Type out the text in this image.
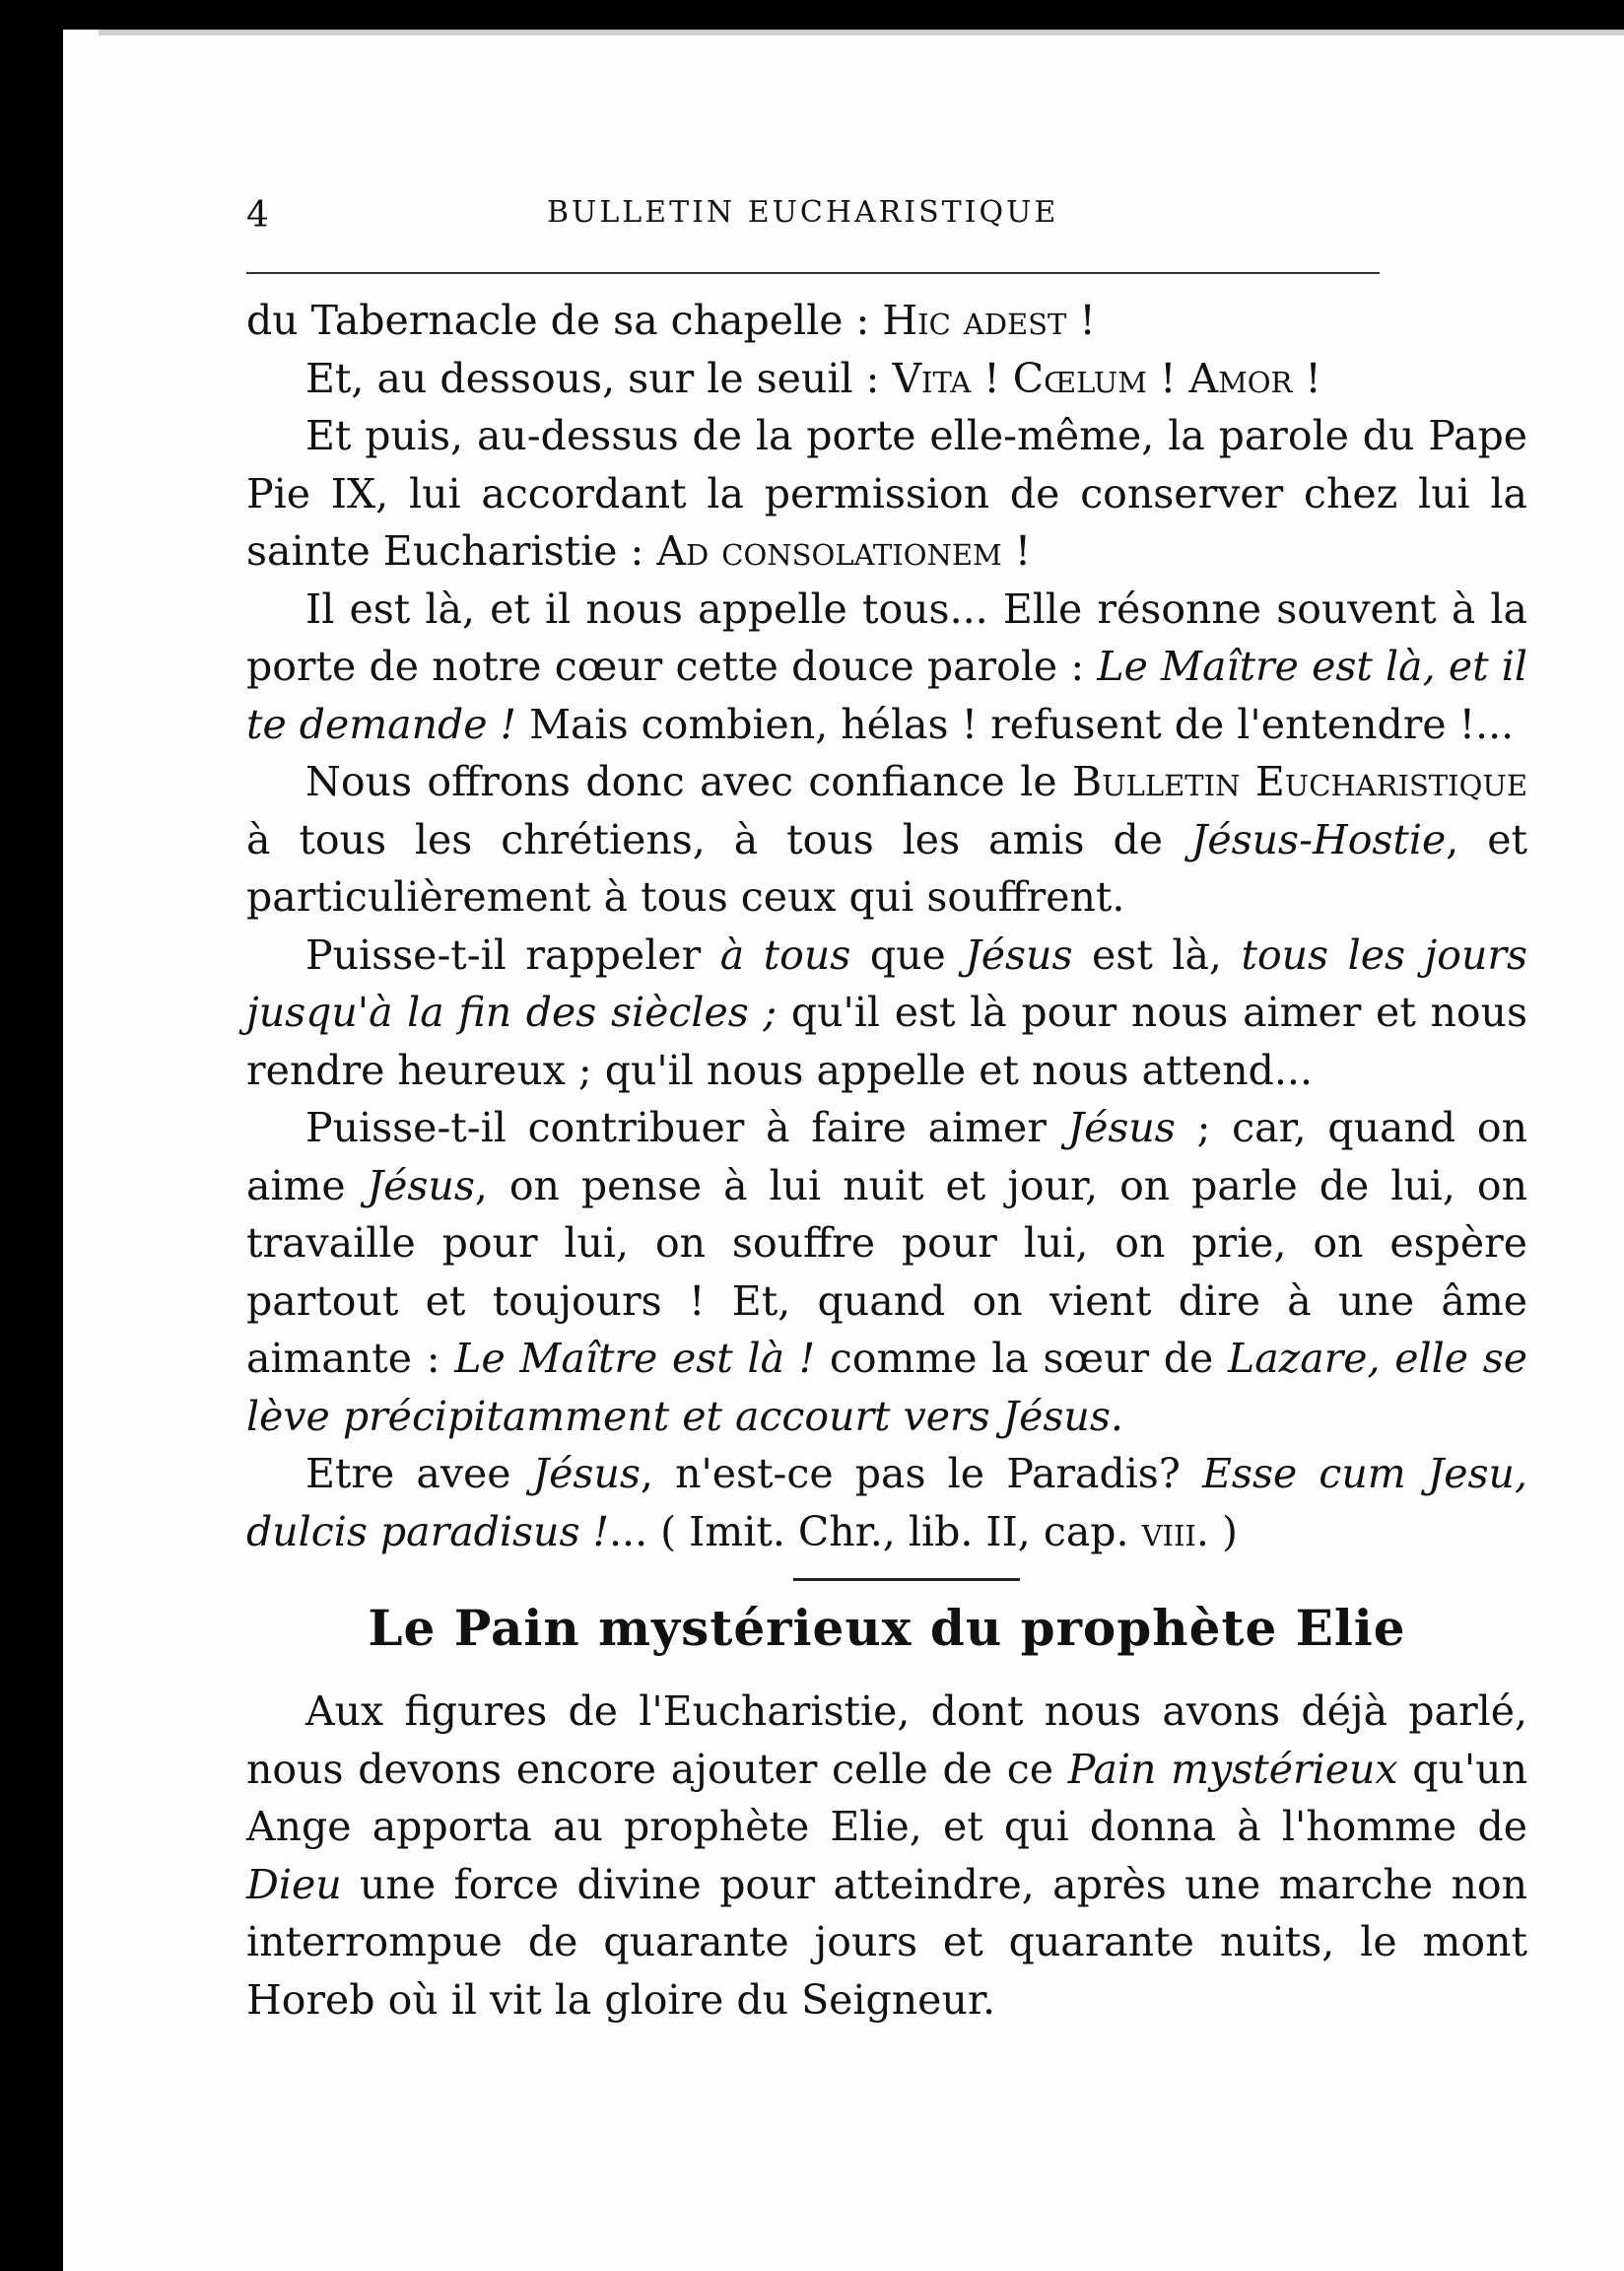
4	BULLETIN EUCHARISTIQUE

du Tabernacle de sa chapelle : Hic adest !

Et, au dessous, sur le seuil : Vita ! Cœlum ! Amor !

Et puis, au-dessus de la porte elle-même, la parole du Pape Pie IX, lui accordant la permission de conserver chez lui la sainte Eucharistie : Ad consolationem !

Il est là, et il nous appelle tous... Elle résonne souvent à la porte de notre cœur cette douce parole : Le Maître est là, et il te demande ! Mais combien, hélas ! refusent de l'entendre !...

Nous offrons donc avec confiance le Bulletin Eucharistique à tous les chrétiens, à tous les amis de Jésus-Hostie, et particulièrement à tous ceux qui souffrent.

Puisse-t-il rappeler à tous que Jésus est là, tous les jours jusqu'à la fin des siècles ; qu'il est là pour nous aimer et nous rendre heureux ; qu'il nous appelle et nous attend...

Puisse-t-il contribuer à faire aimer Jésus ; car, quand on aime Jésus, on pense à lui nuit et jour, on parle de lui, on travaille pour lui, on souffre pour lui, on prie, on espère partout et toujours ! Et, quand on vient dire à une âme aimante : Le Maître est là ! comme la sœur de Lazare, elle se lève précipitamment et accourt vers Jésus.

Etre avee Jésus, n'est-ce pas le Paradis? Esse cum Jesu, dulcis paradisus !... ( Imit. Chr., lib. II, cap. viii. )

Le Pain mystérieux du prophète Elie

Aux figures de l'Eucharistie, dont nous avons déjà parlé, nous devons encore ajouter celle de ce Pain mystérieux qu'un Ange apporta au prophète Elie, et qui donna à l'homme de Dieu une force divine pour atteindre, après une marche non interrompue de quarante jours et quarante nuits, le mont Horeb où il vit la gloire du Seigneur.
